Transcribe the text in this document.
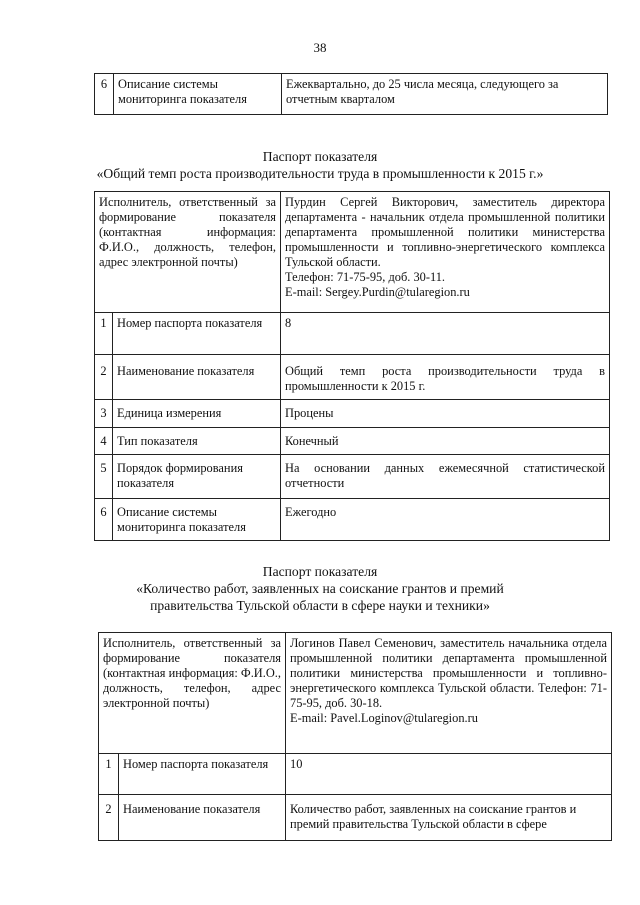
38
6	Описание системы мониторинга показателя	Ежеквартально, до 25 числа месяца, следующего за отчетным кварталом
Паспорт показателя
«Общий темп роста производительности труда в промышленности к 2015 г.»
Исполнитель, ответственный за формирование показателя (контактная информация: Ф.И.О., должность, телефон, адрес электронной почты)		Пурдин Сергей Викторович, заместитель директора департамента - начальник отдела промышленной политики департамента промышленной политики министерства промышленности и топливно-энергетического комплекса Тульской области.
Телефон: 71-75-95, доб. 30-11.
E-mail: Sergey.Purdin@tularegion.ru

1	Номер паспорта показателя	8
2	Наименование показателя	Общий темп роста производительности труда в промышленности к 2015 г.
3	Единица измерения	Процены
4	Тип показателя	Конечный
5	Порядок формирования показателя	На основании данных ежемесячной статистической отчетности
6	Описание системы мониторинга показателя	Ежегодно
Паспорт показателя
«Количество работ, заявленных на соискание грантов и премий
правительства Тульской области в сфере науки и техники»
Исполнитель, ответственный за формирование показателя (контактная информация: Ф.И.О., должность, телефон, адрес электронной почты)		Логинов Павел Семенович, заместитель начальника отдела промышленной политики департамента промышленной политики министерства промышленности и топливно-энергетического комплекса Тульской области. Телефон: 71-75-95, доб. 30-18.
E-mail: Pavel.Loginov@tularegion.ru

1	Номер паспорта показателя	10
2	Наименование показателя	Количество работ, заявленных на соискание грантов и премий правительства Тульской области в сфере
